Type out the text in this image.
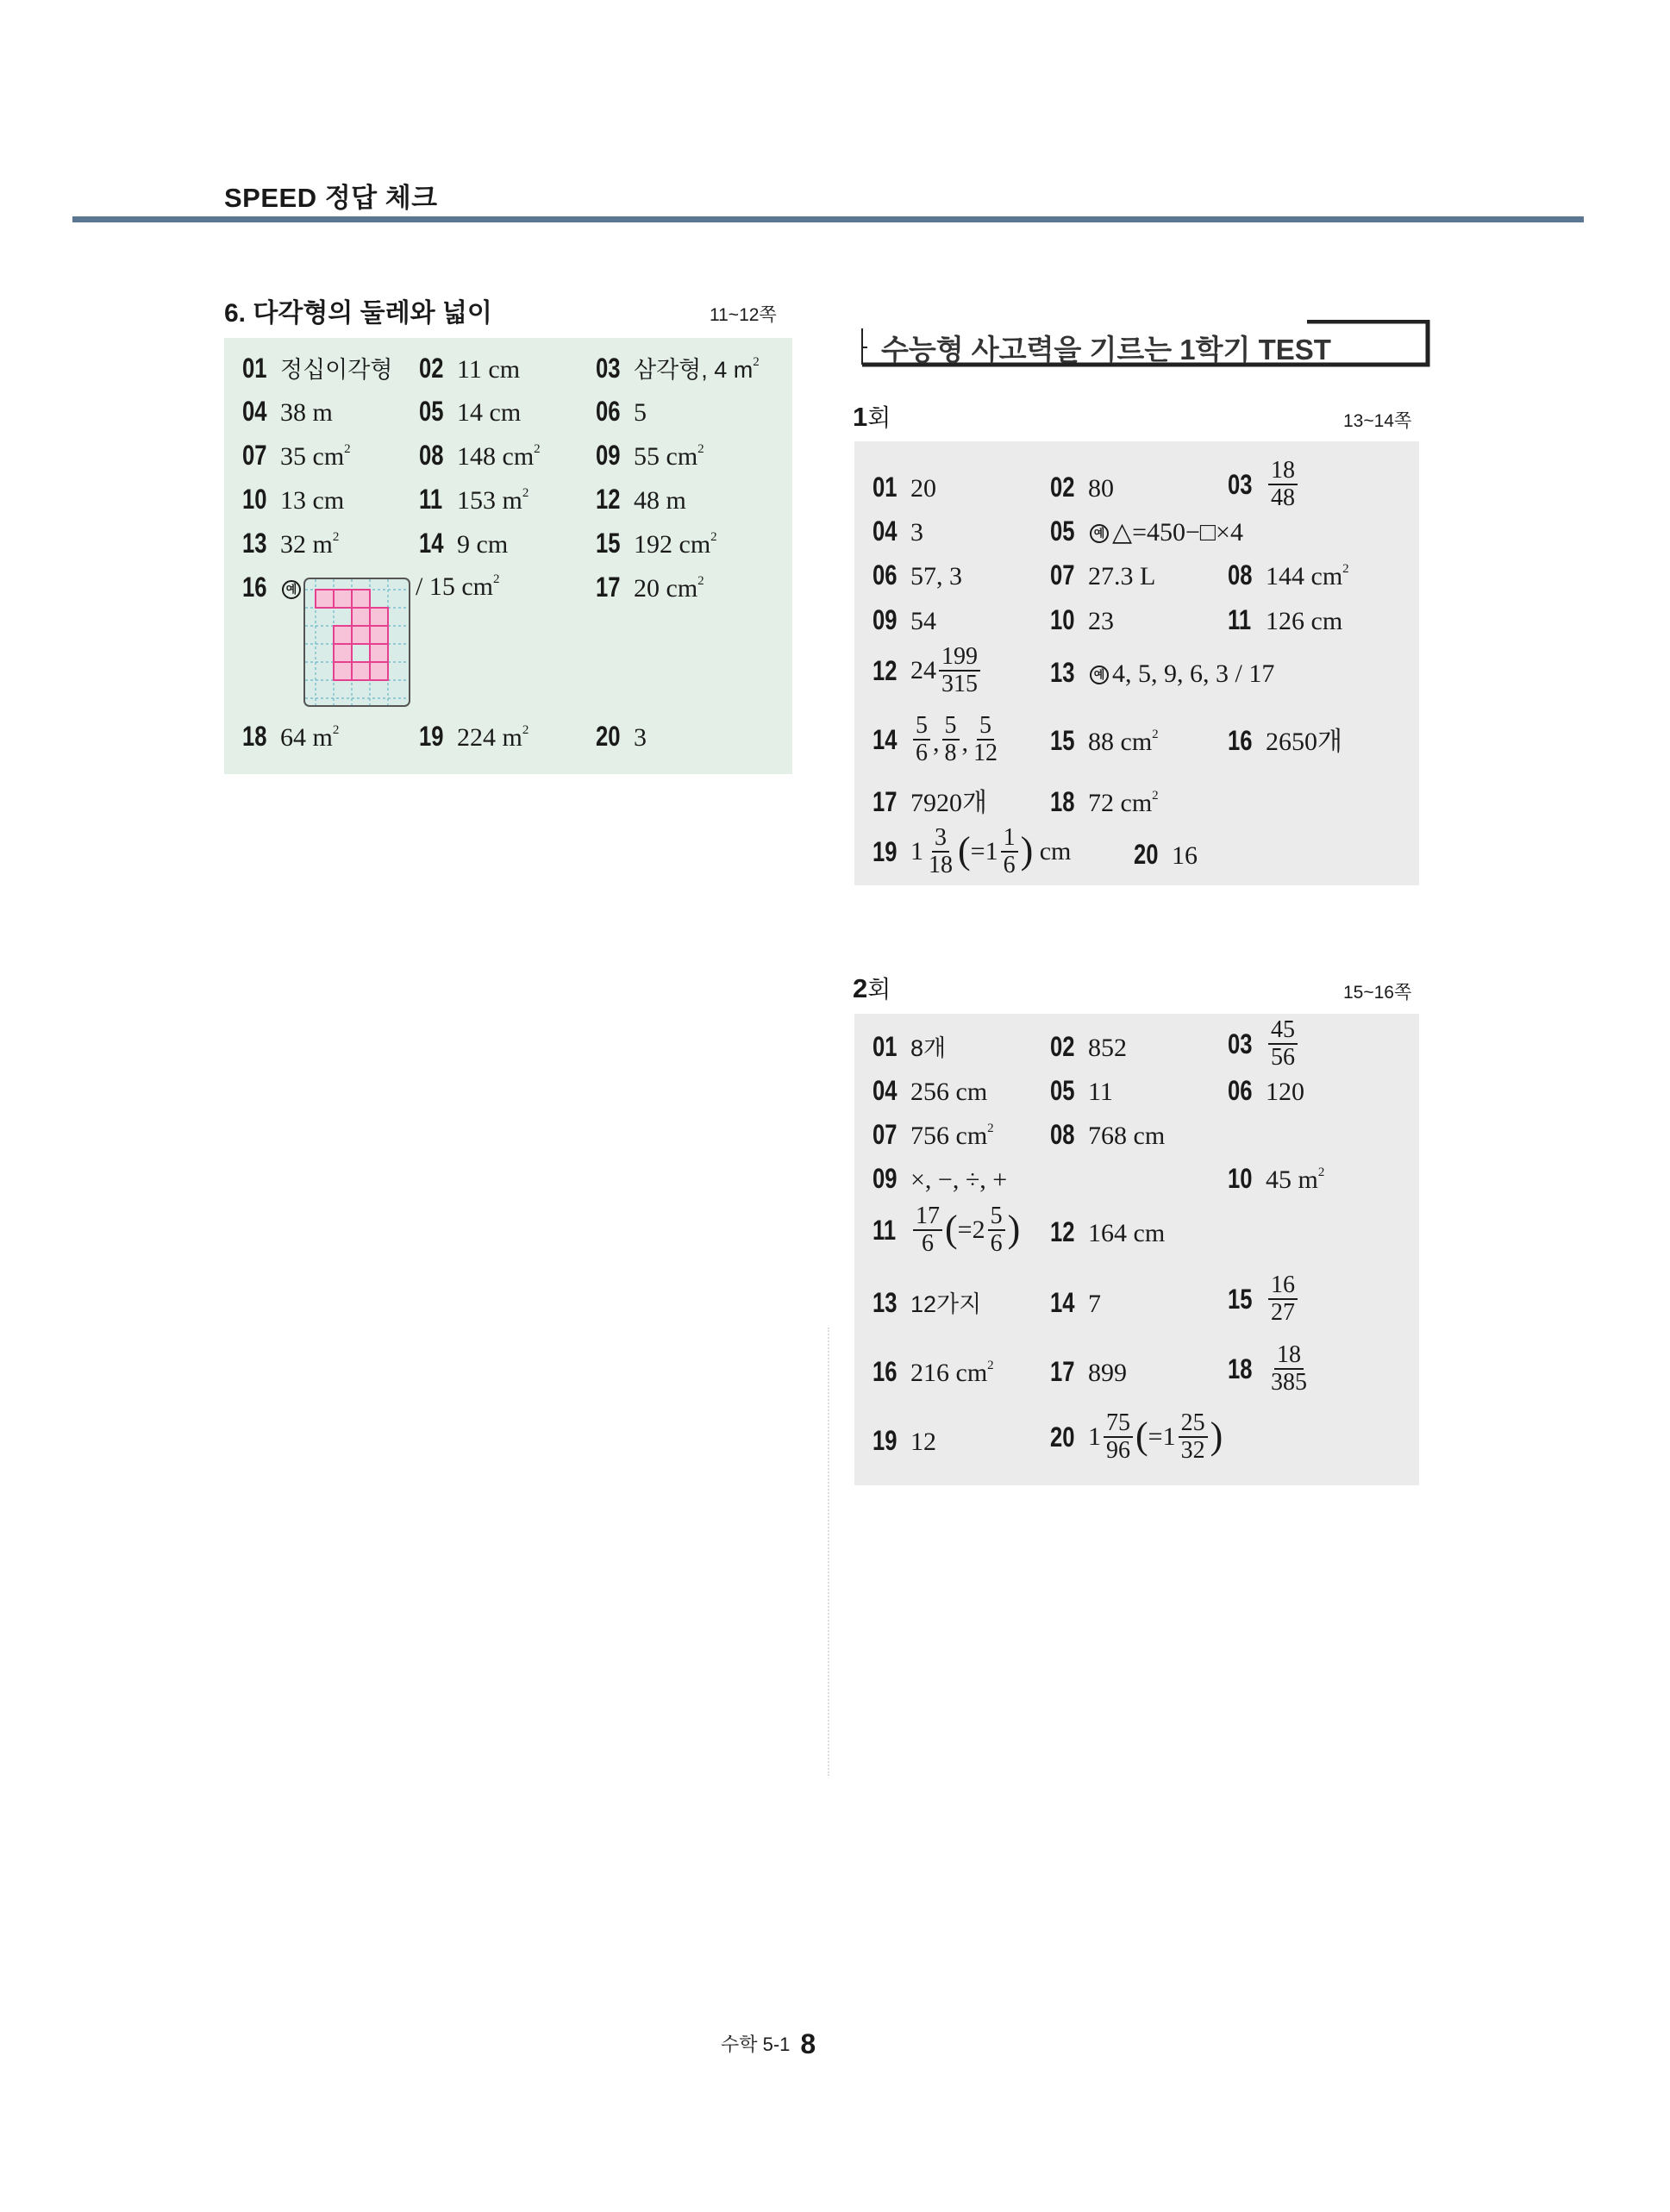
SPEED 정답 체크
6. 다각형의 둘레와 넓이	11~12쪽
01 정십이각형 02 11 cm	03 삼각형, 4 $m^2$
04 38 m	05 14 cm	06 5
07 35 $cm^2$ 08 148 $cm^2$ 09 55 $cm^2$
10 13 cm	11 153 $m^2$ 12 48 m
13 32 $m^2$	14 9 cm	15 192 $cm^2$
16 예	/ 15 $cm^2$	17 20 $cm^2$
18 64 $m^2$	19 224 $m^2$ 20 3
수능형 사고력을 기르는 1학기 TEST
1회	13~14쪽
01 20	02 80	$03 \frac{18}{48}$
04 3	05 예 △=450−□×4
06 57, 3	07 27.3 L	08 144 $cm^2$
09 54	10 23	11 126 cm
12 $24 \frac{199}{315}$	13 예 4, 5, 9, 6, 3 / 17
$14 \frac{5}{6}$ , $\frac{5}{8}$ , $\frac{5}{12} 15$ 88 $cm^2$	16 2650개
17 7920개 18 72 $cm^2$
19 $1 \frac{3}{18} (=1 \frac{1}{6}$ ) cm 20 16
2회	15~16쪽
01 8개	02 852	$03 \frac{45}{56}$
04 256 cm 05 11	06 120
07 756 $cm^2$ 08 768 cm
09 ×, −, ÷, +	10 45 $m^2$
$11 \frac{17}{6} (=2 \frac{5}{6}$ ) 12 164 cm
13 12가지 14 7	$15 \frac{16}{27}$
16 216 $cm^2$ 17 899	$18 \frac{18}{385}$
19 12	20 $1 \frac{75}{96} (=1 \frac{25}{32}$ )
수학 5-1 8
